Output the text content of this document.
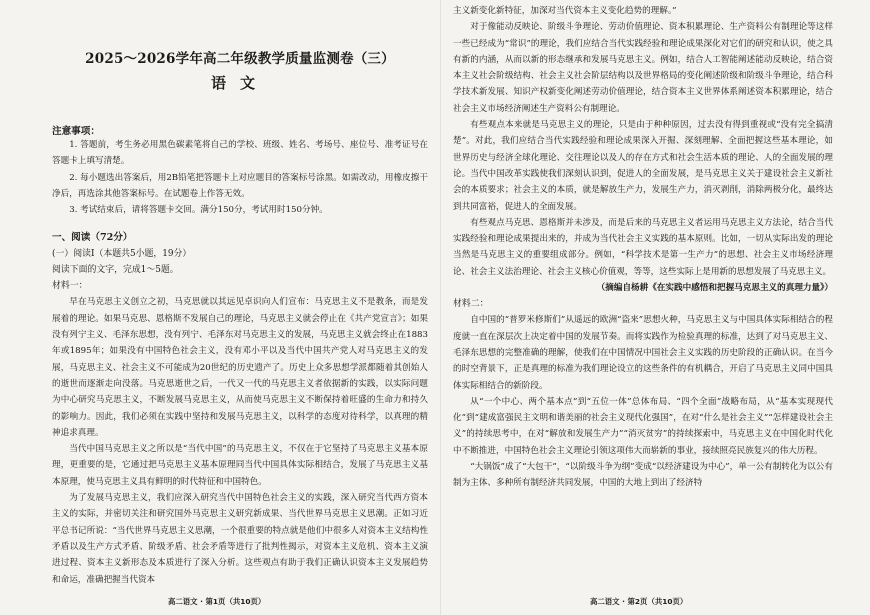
2025～2026学年高二年级教学质量监测卷（三）
语文
注意事项：

1. 答题前，考生务必用黑色碳素笔将自己的学校、班级、姓名、考场号、座位号、准考证号在答题卡上填写清楚。

2. 每小题选出答案后，用2B铅笔把答题卡上对应题目的答案标号涂黑。如需改动，用橡皮擦干净后，再选涂其他答案标号。在试题卷上作答无效。

3. 考试结束后，请将答题卡交回。满分150分，考试用时150分钟。

一、阅读（72分）
(一）阅读Ⅰ（本题共5小题，19分）
阅读下面的文字，完成1～5题。
材料一：

早在马克思主义创立之初，马克思就以其远见卓识向人们宣布：马克思主义不是教条，而是发展着的理论。如果马克思、恩格斯不发展自己的理论，马克思主义就会停止在《共产党宣言》；如果没有列宁主义、毛泽东思想，没有列宁、毛泽东对马克思主义的发展，马克思主义就会终止在1883年或1895年；如果没有中国特色社会主义，没有邓小平以及当代中国共产党人对马克思主义的发展，马克思主义、社会主义不可能成为20世纪的历史遗产了。历史上众多思想学派都随着其创始人的逝世而逐渐走向没落。马克思逝世之后，一代又一代的马克思主义者依据新的实践，以实际问题为中心研究马克思主义，不断发展马克思主义，从而使马克思主义不断保持着旺盛的生命力和持久的影响力。因此，我们必须在实践中坚持和发展马克思主义，以科学的态度对待科学，以真理的精神追求真理。

当代中国马克思主义之所以是“当代中国”的马克思主义，不仅在于它坚持了马克思主义基本原理，更重要的是，它通过把马克思主义基本原理同当代中国具体实际相结合，发展了马克思主义基本原理，使马克思主义具有鲜明的时代特征和中国特色。

为了发展马克思主义，我们应深入研究当代中国特色社会主义的实践，深入研究当代西方资本主义的实际，并密切关注和研究国外马克思主义研究新成果、当代世界马克思主义思潮。正如习近平总书记所说：“当代世界马克思主义思潮，一个很重要的特点就是他们中很多人对资本主义结构性矛盾以及生产方式矛盾、阶级矛盾、社会矛盾等进行了批判性揭示，对资本主义危机、资本主义演进过程、资本主义新形态及本质进行了深入分析。这些观点有助于我们正确认识资本主义发展趋势和命运，准确把握当代资本

主义新变化新特征，加深对当代资本主义变化趋势的理解。”

对于像能动反映论、阶级斗争理论、劳动价值理论、资本积累理论、生产资料公有制理论等这样一些已经成为“常识”的理论，我们应结合当代实践经验和理论成果深化对它们的研究和认识，使之具有新的内涵，从而以新的形态继承和发展马克思主义。例如，结合人工智能阐述能动反映论，结合资本主义社会阶级结构、社会主义社会阶层结构以及世界格局的变化阐述阶级和阶级斗争理论，结合科学技术新发展、知识产权新变化阐述劳动价值理论，结合资本主义世界体系阐述资本积累理论，结合社会主义市场经济阐述生产资料公有制理论。

有些观点本来就是马克思主义的理论，只是由于种种原因，过去没有得到重视或“没有完全搞清楚”。对此，我们应结合当代实践经验和理论成果深入开掘、深刻理解、全面把握这些基本理论，如世界历史与经济全球化理论、交往理论以及人的存在方式和社会生活本质的理论、人的全面发展的理论。当代中国改革实践使我们深刻认识到，促进人的全面发展，是马克思主义关于建设社会主义新社会的本质要求；社会主义的本质，就是解放生产力，发展生产力，消灭剥削，消除两极分化，最终达到共同富裕，促进人的全面发展。

有些观点马克思、恩格斯并未涉及，而是后来的马克思主义者运用马克思主义方法论，结合当代实践经验和理论成果提出来的，并成为当代社会主义实践的基本原则。比如，一切从实际出发的理论当然是马克思主义的重要组成部分。例如，“科学技术是第一生产力”的思想、社会主义市场经济理论、社会主义法治理论、社会主义核心价值观，等等，这些实际上是用新的思想发展了马克思主义。

（摘编自杨耕《在实践中感悟和把握马克思主义的真理力量》）
材料二：

自中国的“普罗米修斯们”从遥远的欧洲“盗来”思想火种，马克思主义与中国具体实际相结合的程度就一直在深层次上决定着中国的发展节奏。而将实践作为检验真理的标准，达到了对马克思主义、毛泽东思想的完整准确的理解，使我们在中国情况中国社会主义实践的历史阶段的正确认识。在当今的时空背景下，正是真理的标准为我们理论设立的这些条件的有机耦合，开启了马克思主义同中国具体实际相结合的新阶段。

从“一个中心、两个基本点”到“五位一体”总体布局、“四个全面”战略布局，从“基本实现现代化”到“建成富强民主文明和谐美丽的社会主义现代化强国”，在对“什么是社会主义”“怎样建设社会主义”的持续思考中，在对“解放和发展生产力”“消灭贫穷”的持续探索中，马克思主义在中国化时代化中不断推进，中国特色社会主义理论引领这项伟大而崭新的事业，接续照亮民族复兴的伟大历程。

“大锅饭”成了“大包干”，“以阶级斗争为纲”变成“以经济建设为中心”，单一公有制转化为以公有制为主体、多种所有制经济共同发展，中国的大地上到出了经济特

高二语文 · 第1页（共10页）	高二语文 · 第2页（共10页）
